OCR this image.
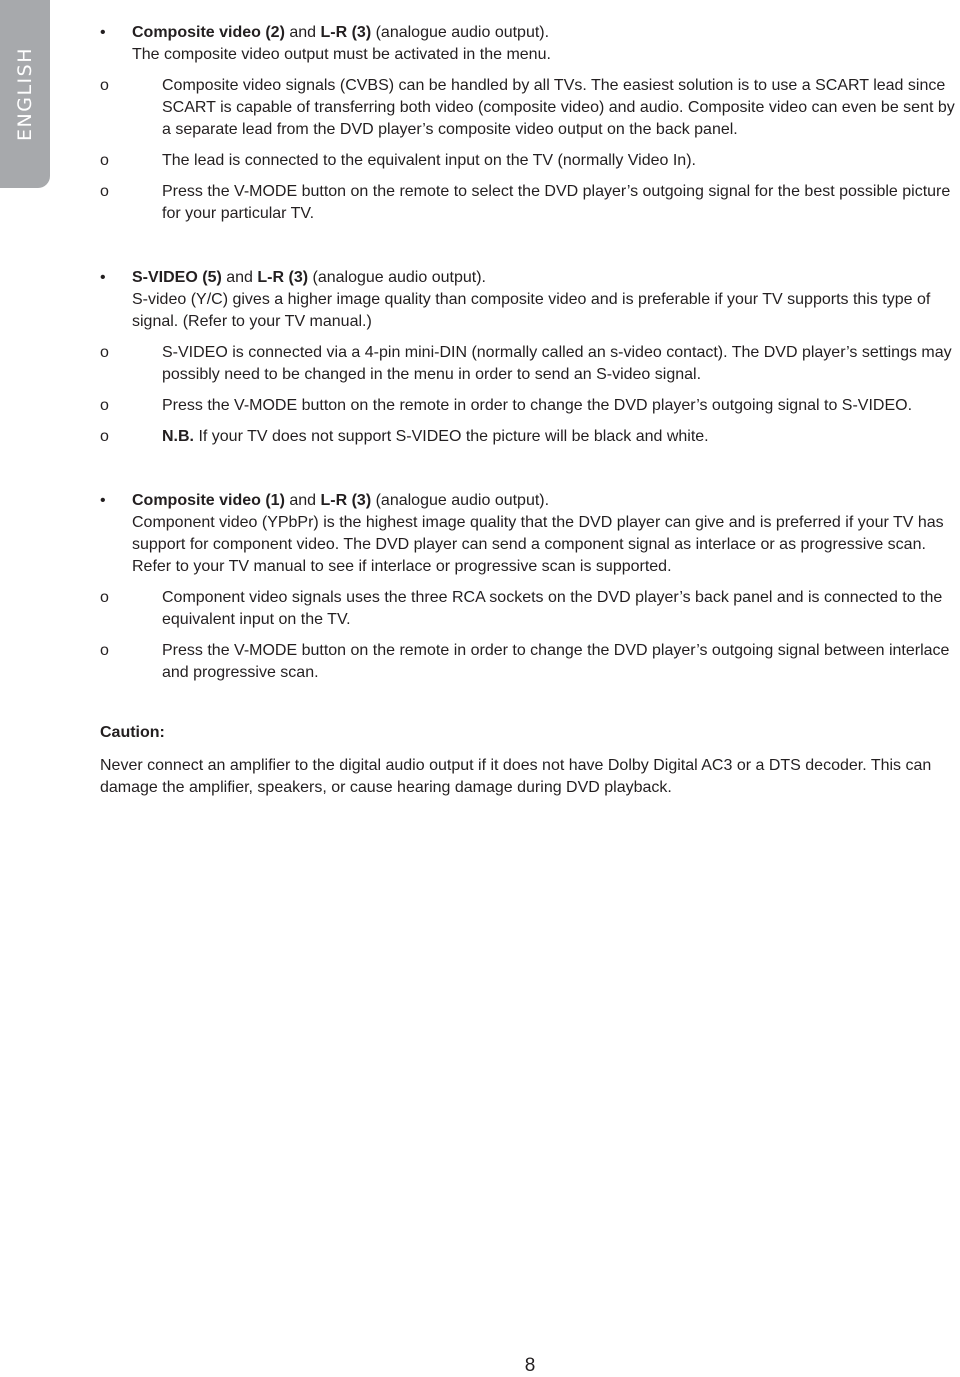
ENGLISH
•	Composite video (2) and L-R (3) (analogue audio output).
The composite video output must be activated in the menu.
o	Composite video signals (CVBS) can be handled by all TVs. The easiest solution is to use a SCART lead since SCART is capable of transferring both video (composite video) and audio. Composite video can even be sent by a separate lead from the DVD player’s composite video output on the back panel.
o	The lead is connected to the equivalent input on the TV (normally Video In).
o	Press the V-MODE button on the remote to select the DVD player’s outgoing signal for the best possible picture for your particular TV.
•	S-VIDEO (5) and L-R (3) (analogue audio output).
S-video (Y/C) gives a higher image quality than composite video and is preferable if your TV supports this type of signal. (Refer to your TV manual.)
o	S-VIDEO is connected via a 4-pin mini-DIN (normally called an s-video contact). The DVD player’s settings may possibly need to be changed in the menu in order to send an S-video signal.
o	Press the V-MODE button on the remote in order to change the DVD player’s outgoing signal to S-VIDEO.
o	N.B. If your TV does not support S-VIDEO the picture will be black and white.
•	Composite video (1) and L-R (3) (analogue audio output).
Component video (YPbPr) is the highest image quality that the DVD player can give and is preferred if your TV has support for component video. The DVD player can send a component signal as interlace or as progressive scan. Refer to your TV manual to see if interlace or progressive scan is supported.
o	Component video signals uses the three RCA sockets on the DVD player’s back panel and is connected to the equivalent input on the TV.
o	Press the V-MODE button on the remote in order to change the DVD player’s outgoing signal between interlace and progressive scan.
Caution:
Never connect an amplifier to the digital audio output if it does not have Dolby Digital AC3 or a DTS decoder. This can damage the amplifier, speakers, or cause hearing damage during DVD playback.
8
